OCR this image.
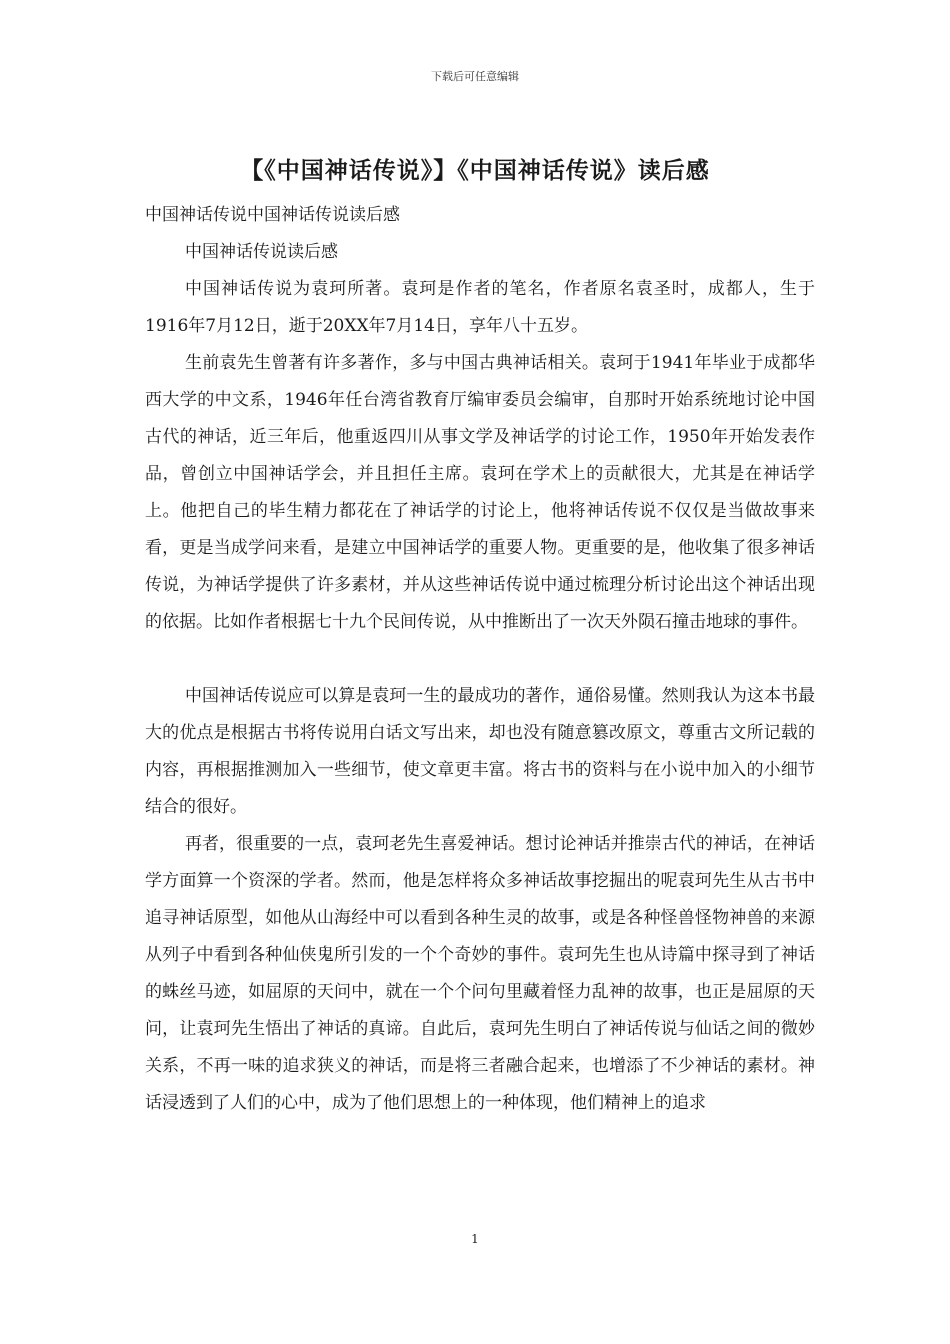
下载后可任意编辑
【《中国神话传说》】《中国神话传说》读后感

中国神话传说中国神话传说读后感

中国神话传说读后感

中国神话传说为袁珂所著。袁珂是作者的笔名，作者原名袁圣时，成都人，生于1916年7月12日，逝于20XX年7月14日，享年八十五岁。

生前袁先生曾著有许多著作，多与中国古典神话相关。袁珂于1941年毕业于成都华西大学的中文系，1946年任台湾省教育厅编审委员会编审，自那时开始系统地讨论中国古代的神话，近三年后，他重返四川从事文学及神话学的讨论工作，1950年开始发表作品，曾创立中国神话学会，并且担任主席。袁珂在学术上的贡献很大，尤其是在神话学上。他把自己的毕生精力都花在了神话学的讨论上，他将神话传说不仅仅是当做故事来看，更是当成学问来看，是建立中国神话学的重要人物。更重要的是，他收集了很多神话传说，为神话学提供了许多素材，并从这些神话传说中通过梳理分析讨论出这个神话出现的依据。比如作者根据七十九个民间传说，从中推断出了一次天外陨石撞击地球的事件。

中国神话传说应可以算是袁珂一生的最成功的著作，通俗易懂。然则我认为这本书最大的优点是根据古书将传说用白话文写出来，却也没有随意篡改原文，尊重古文所记载的内容，再根据推测加入一些细节，使文章更丰富。将古书的资料与在小说中加入的小细节结合的很好。

再者，很重要的一点，袁珂老先生喜爱神话。想讨论神话并推崇古代的神话，在神话学方面算一个资深的学者。然而，他是怎样将众多神话故事挖掘出的呢袁珂先生从古书中追寻神话原型，如他从山海经中可以看到各种生灵的故事，或是各种怪兽怪物神兽的来源从列子中看到各种仙侠鬼所引发的一个个奇妙的事件。袁珂先生也从诗篇中探寻到了神话的蛛丝马迹，如屈原的天问中，就在一个个问句里藏着怪力乱神的故事，也正是屈原的天问，让袁珂先生悟出了神话的真谛。自此后，袁珂先生明白了神话传说与仙话之间的微妙关系，不再一味的追求狭义的神话，而是将三者融合起来，也增添了不少神话的素材。神话浸透到了人们的心中，成为了他们思想上的一种体现，他们精神上的追求

1
